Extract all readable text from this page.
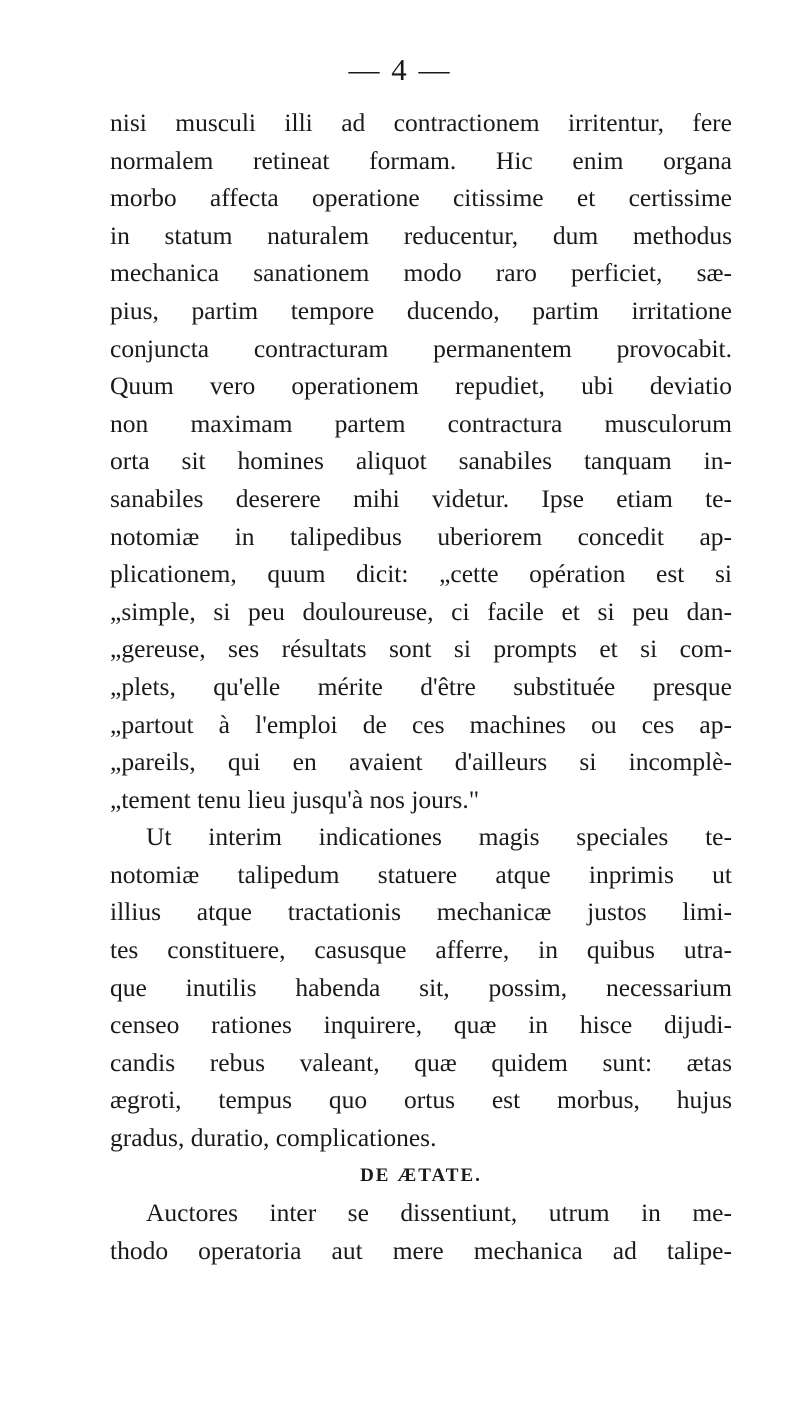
— 4 —
nisi musculi illi ad contractionem irritentur, fere
normalem retineat formam. Hic enim organa
morbo affecta operatione citissime et certissime
in statum naturalem reducentur, dum methodus
mechanica sanationem modo raro perficiet, sæ-
pius, partim tempore ducendo, partim irritatione
conjuncta contracturam permanentem provocabit.
Quum vero operationem repudiet, ubi deviatio
non maximam partem contractura musculorum
orta sit homines aliquot sanabiles tanquam in-
sanabiles deserere mihi videtur. Ipse etiam te-
notomiæ in talipedibus uberiorem concedit ap-
plicationem, quum dicit: „cette opération est si
„simple, si peu douloureuse, ci facile et si peu dan-
„gereuse, ses résultats sont si prompts et si com-
„plets, qu'elle mérite d'être substituée presque
„partout à l'emploi de ces machines ou ces ap-
„pareils, qui en avaient d'ailleurs si incomplè-
„tement tenu lieu jusqu'à nos jours."
Ut interim indicationes magis speciales te-
notomiæ talipedum statuere atque inprimis ut
illius atque tractationis mechanicæ justos limi-
tes constituere, casusque afferre, in quibus utra-
que inutilis habenda sit, possim, necessarium
censeo rationes inquirere, quæ in hisce dijudi-
candis rebus valeant, quæ quidem sunt: ætas
ægroti, tempus quo ortus est morbus, hujus
gradus, duratio, complicationes.
DE ÆTATE.
Auctores inter se dissentiunt, utrum in me-
thodo operatoria aut mere mechanica ad talipe-
